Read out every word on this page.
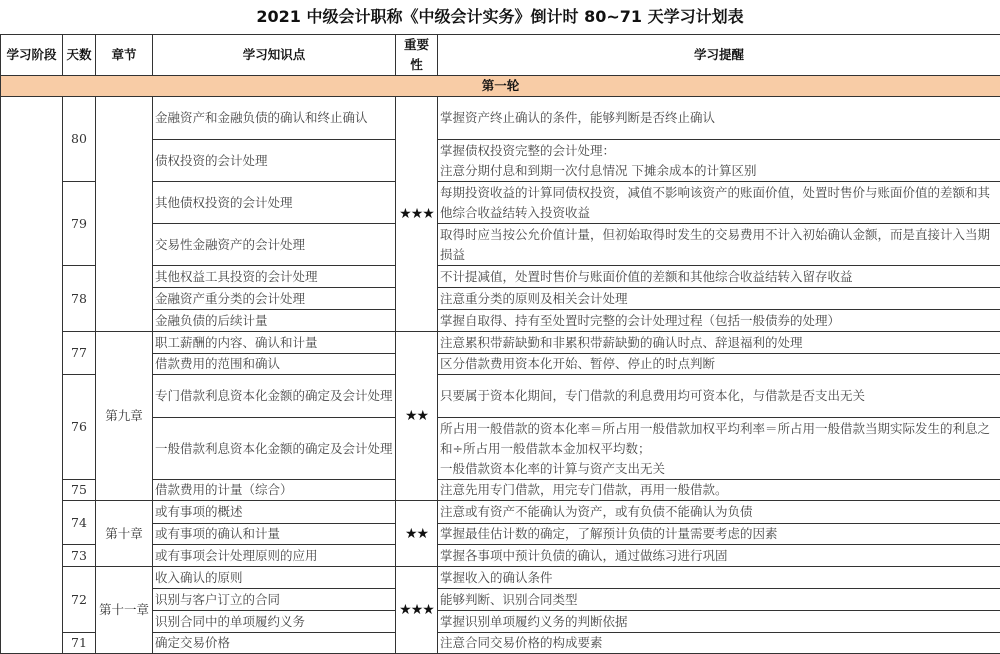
2021 中级会计职称《中级会计实务》倒计时 80~71 天学习计划表
学习阶段	天数	章节	学习知识点	重要性	学习提醒
第一轮					
	80		金融资产和金融负债的确认和终止确认	★★★	掌握资产终止确认的条件，能够判断是否终止确认
			债权投资的会计处理		掌握债权投资完整的会计处理：
注意分期付息和到期一次付息情况 下摊余成本的计算区别
	79		其他债权投资的会计处理		每期投资收益的计算同债权投资，减值不影响该资产的账面价值，处置时售价与账面价值的差额和其他综合收益结转入投资收益
			交易性金融资产的会计处理		取得时应当按公允价值计量，但初始取得时发生的交易费用不计入初始确认金额，而是直接计入当期损益
	78		其他权益工具投资的会计处理		不计提减值，处置时售价与账面价值的差额和其他综合收益结转入留存收益
			金融资产重分类的会计处理		注意重分类的原则及相关会计处理
			金融负债的后续计量		掌握自取得、持有至处置时完整的会计处理过程（包括一般债券的处理）
	77	第九章	职工薪酬的内容、确认和计量	★★	注意累积带薪缺勤和非累积带薪缺勤的确认时点、辞退福利的处理
			借款费用的范围和确认		区分借款费用资本化开始、暂停、停止的时点判断
	76		专门借款利息资本化金额的确定及会计处理		只要属于资本化期间，专门借款的利息费用均可资本化，与借款是否支出无关
			一般借款利息资本化金额的确定及会计处理		所占用一般借款的资本化率＝所占用一般借款加权平均利率＝所占用一般借款当期实际发生的利息之和÷所占用一般借款本金加权平均数；
一般借款资本化率的计算与资产支出无关
	75		借款费用的计量（综合）		注意先用专门借款，用完专门借款，再用一般借款。
	74	第十章	或有事项的概述	★★	注意或有资产不能确认为资产，或有负债不能确认为负债
			或有事项的确认和计量		掌握最佳估计数的确定，了解预计负债的计量需要考虑的因素
	73		或有事项会计处理原则的应用		掌握各事项中预计负债的确认，通过做练习进行巩固
	72	第十一章	收入确认的原则	★★★	掌握收入的确认条件
			识别与客户订立的合同		能够判断、识别合同类型
			识别合同中的单项履约义务		掌握识别单项履约义务的判断依据
	71		确定交易价格		注意合同交易价格的构成要素
